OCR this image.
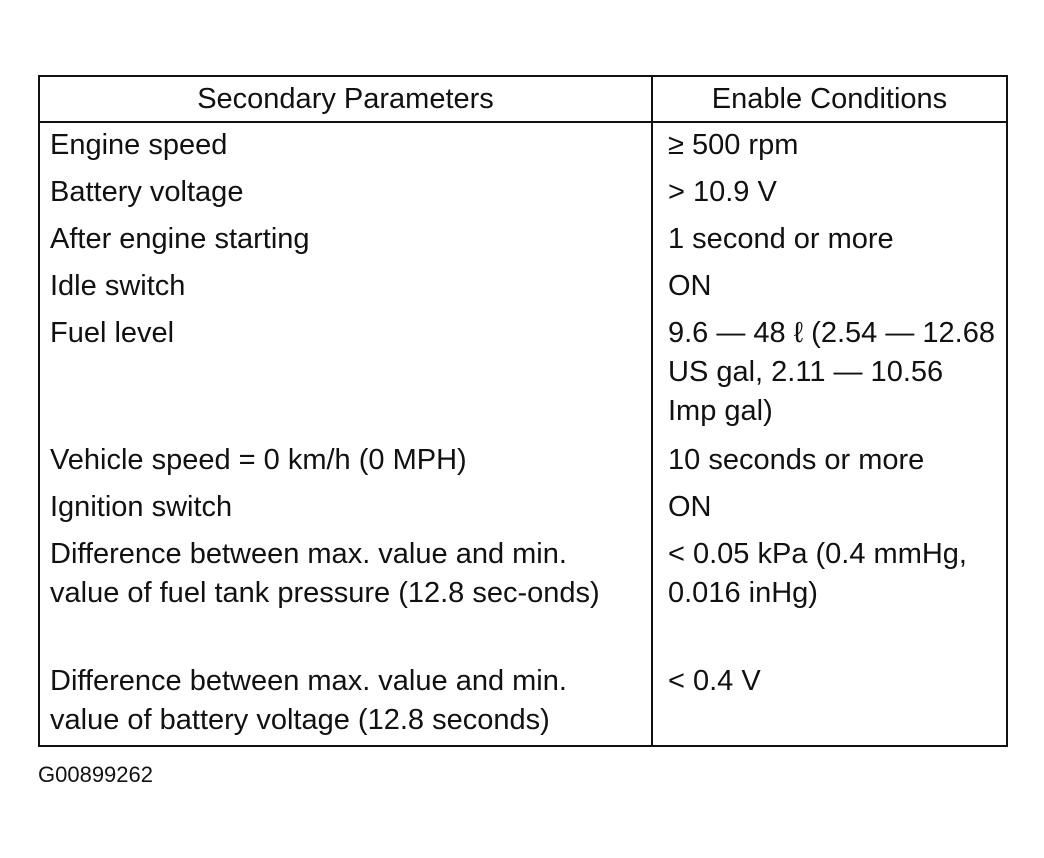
Secondary Parameters	Enable Conditions
Engine speed	≥ 500 rpm
Battery voltage	> 10.9 V
After engine starting	1 second or more
Idle switch	ON
Fuel level	9.6 — 48 ℓ (2.54 — 12.68 US gal, 2.11 — 10.56 Imp gal)
Vehicle speed = 0 km/h (0 MPH)	10 seconds or more
Ignition switch	ON
Difference between max. value and min. value of fuel tank pressure (12.8 sec-onds)	< 0.05 kPa (0.4 mmHg, 0.016 inHg)
Difference between max. value and min. value of battery voltage (12.8 seconds)	< 0.4 V
G00899262
